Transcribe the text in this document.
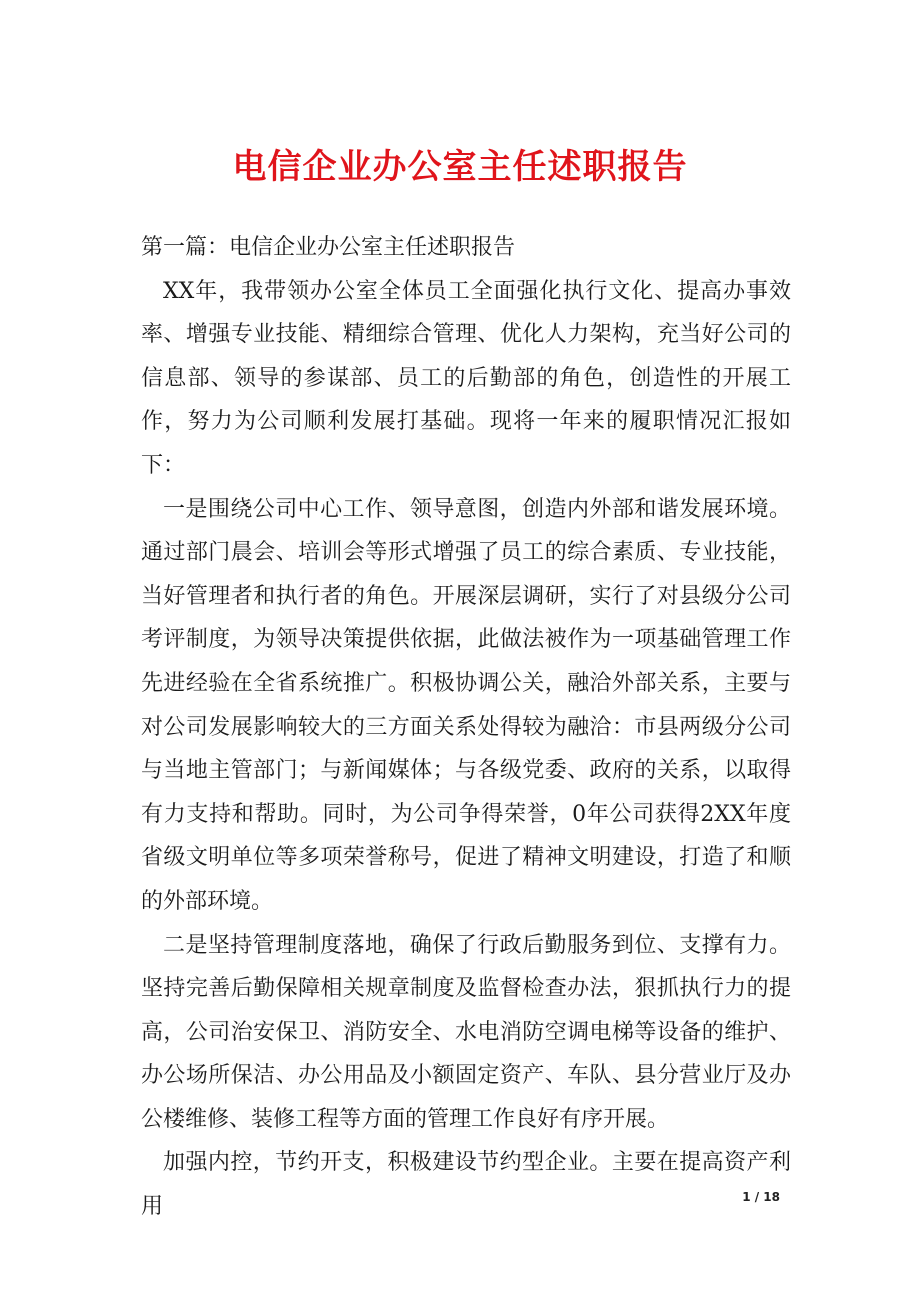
电信企业办公室主任述职报告

第一篇：电信企业办公室主任述职报告

XX年，我带领办公室全体员工全面强化执行文化、提高办事效率、增强专业技能、精细综合管理、优化人力架构，充当好公司的信息部、领导的参谋部、员工的后勤部的角色，创造性的开展工作，努力为公司顺利发展打基础。现将一年来的履职情况汇报如下：

一是围绕公司中心工作、领导意图，创造内外部和谐发展环境。通过部门晨会、培训会等形式增强了员工的综合素质、专业技能，当好管理者和执行者的角色。开展深层调研，实行了对县级分公司考评制度，为领导决策提供依据，此做法被作为一项基础管理工作先进经验在全省系统推广。积极协调公关，融洽外部关系，主要与对公司发展影响较大的三方面关系处得较为融洽：市县两级分公司与当地主管部门；与新闻媒体；与各级党委、政府的关系，以取得有力支持和帮助。同时，为公司争得荣誉，0年公司获得2XX年度省级文明单位等多项荣誉称号，促进了精神文明建设，打造了和顺的外部环境。

二是坚持管理制度落地，确保了行政后勤服务到位、支撑有力。坚持完善后勤保障相关规章制度及监督检查办法，狠抓执行力的提高，公司治安保卫、消防安全、水电消防空调电梯等设备的维护、办公场所保洁、办公用品及小额固定资产、车队、县分营业厅及办公楼维修、装修工程等方面的管理工作良好有序开展。

加强内控，节约开支，积极建设节约型企业。主要在提高资产利用	1 / 18
